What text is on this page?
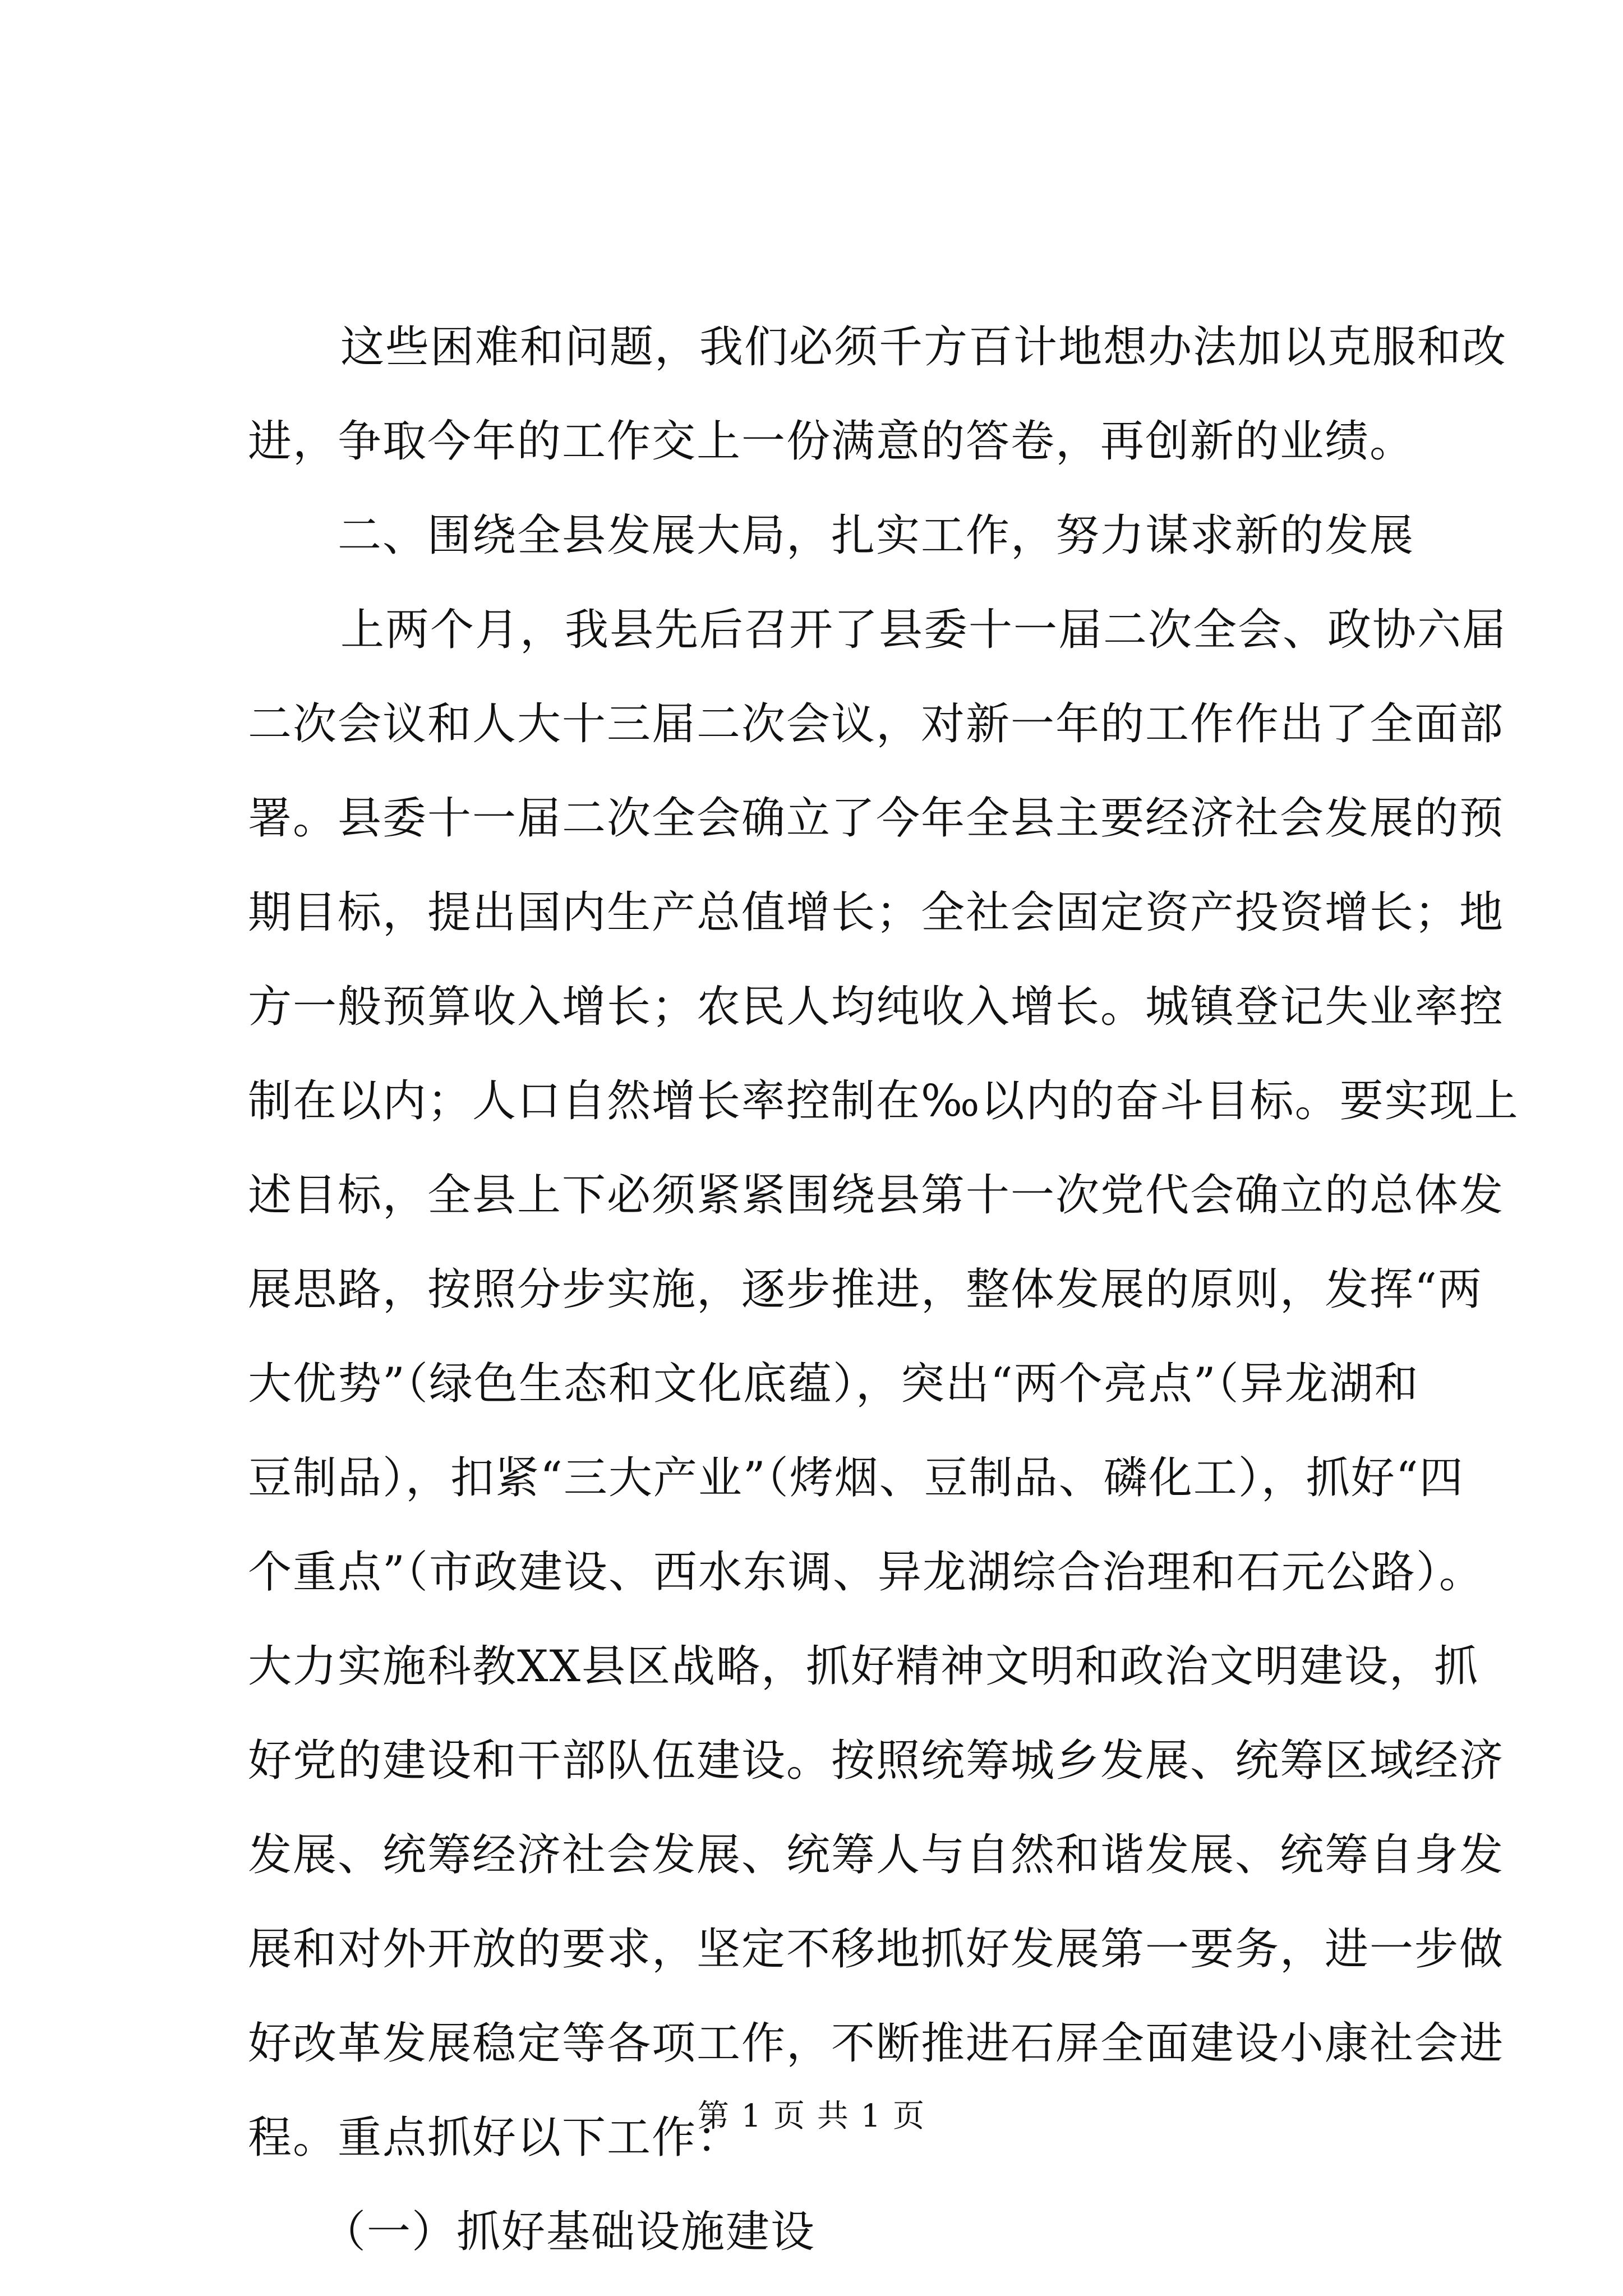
这些困难和问题，我们必须千方百计地想办法加以克服和改
进，争取今年的工作交上一份满意的答卷，再创新的业绩。
二、围绕全县发展大局，扎实工作，努力谋求新的发展
上两个月，我县先后召开了县委十一届二次全会、政协六届
二次会议和人大十三届二次会议，对新一年的工作作出了全面部
署。县委十一届二次全会确立了今年全县主要经济社会发展的预
期目标，提出国内生产总值增长；全社会固定资产投资增长；地
方一般预算收入增长；农民人均纯收入增长。城镇登记失业率控
制在以内；人口自然增长率控制在‰以内的奋斗目标。要实现上
述目标，全县上下必须紧紧围绕县第十一次党代会确立的总体发
展思路，按照分步实施，逐步推进，整体发展的原则，发挥“两
大优势”（绿色生态和文化底蕴），突出“两个亮点”（异龙湖和
豆制品），扣紧“三大产业”（烤烟、豆制品、磷化工），抓好“四
个重点”（市政建设、西水东调、异龙湖综合治理和石元公路）。
大力实施科教XX县区战略，抓好精神文明和政治文明建设，抓
好党的建设和干部队伍建设。按照统筹城乡发展、统筹区域经济
发展、统筹经济社会发展、统筹人与自然和谐发展、统筹自身发
展和对外开放的要求，坚定不移地抓好发展第一要务，进一步做
好改革发展稳定等各项工作，不断推进石屏全面建设小康社会进
程。重点抓好以下工作：
（一）抓好基础设施建设
第 1 页 共 1 页
